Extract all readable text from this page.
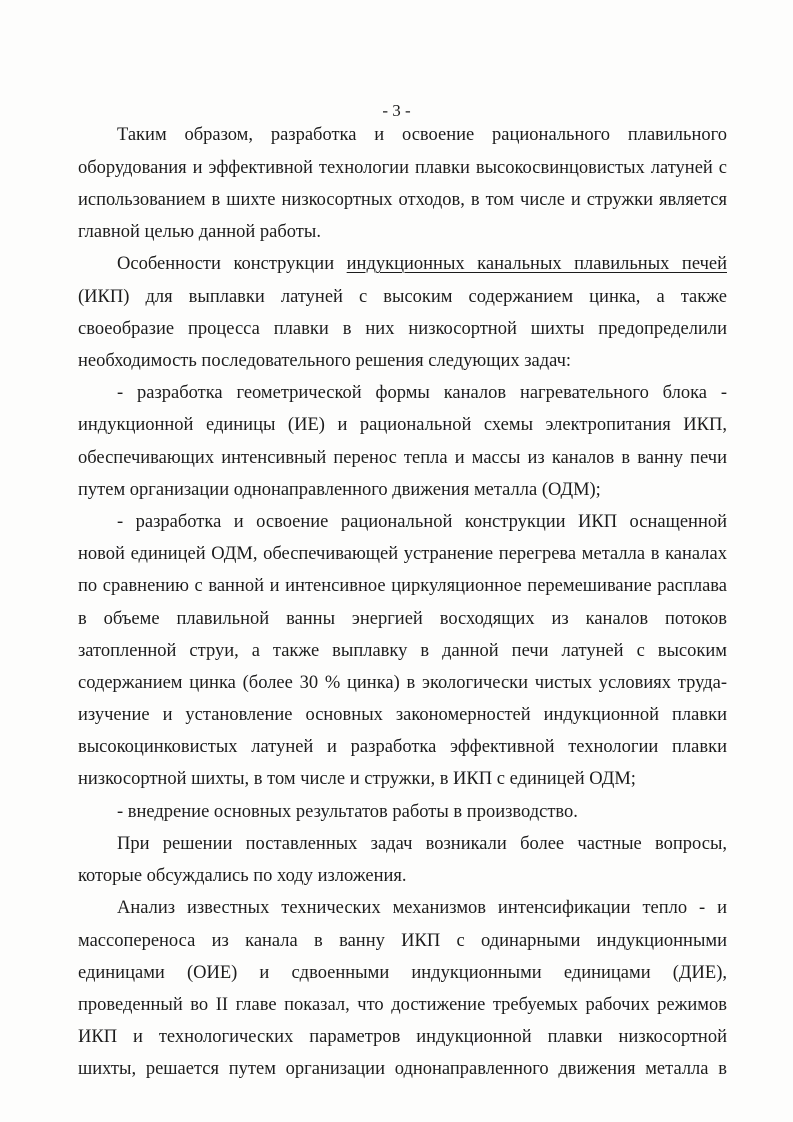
- 3 -
Таким образом, разработка и освоение рационального плавильного
оборудования и эффективной технологии плавки высокосвинцовистых латуней с
использованием в шихте низкосортных отходов, в том числе и стружки является
главной целью данной работы.
Особенности конструкции индукционных канальных плавильных печей
(ИКП) для выплавки латуней с высоким содержанием цинка, а также
своеобразие процесса плавки в них низкосортной шихты предопределили
необходимость последовательного решения следующих задач:
- разработка геометрической формы каналов нагревательного блока -
индукционной единицы (ИЕ) и рациональной схемы электропитания ИКП,
обеспечивающих интенсивный перенос тепла и массы из каналов в ванну печи
путем организации однонаправленного движения металла (ОДМ);
- разработка и освоение рациональной конструкции ИКП оснащенной
новой единицей ОДМ, обеспечивающей устранение перегрева металла в каналах
по сравнению с ванной и интенсивное циркуляционное перемешивание расплава
в объеме плавильной ванны энергией восходящих из каналов потоков
затопленной струи, а также выплавку в данной печи латуней с высоким
содержанием цинка (более 30 % цинка) в экологически чистых условиях труда-
изучение и установление основных закономерностей индукционной плавки
высокоцинковистых латуней и разработка эффективной технологии плавки
низкосортной шихты, в том числе и стружки, в ИКП с единицей ОДМ;
- внедрение основных результатов работы в производство.
При решении поставленных задач возникали более частные вопросы,
которые обсуждались по ходу изложения.
Анализ известных технических механизмов интенсификации тепло - и
массопереноса из канала в ванну ИКП с одинарными индукционными
единицами (ОИЕ) и сдвоенными индукционными единицами (ДИЕ),
проведенный во II главе показал, что достижение требуемых рабочих режимов
ИКП и технологических параметров индукционной плавки низкосортной
шихты, решается путем организации однонаправленного движения металла в
